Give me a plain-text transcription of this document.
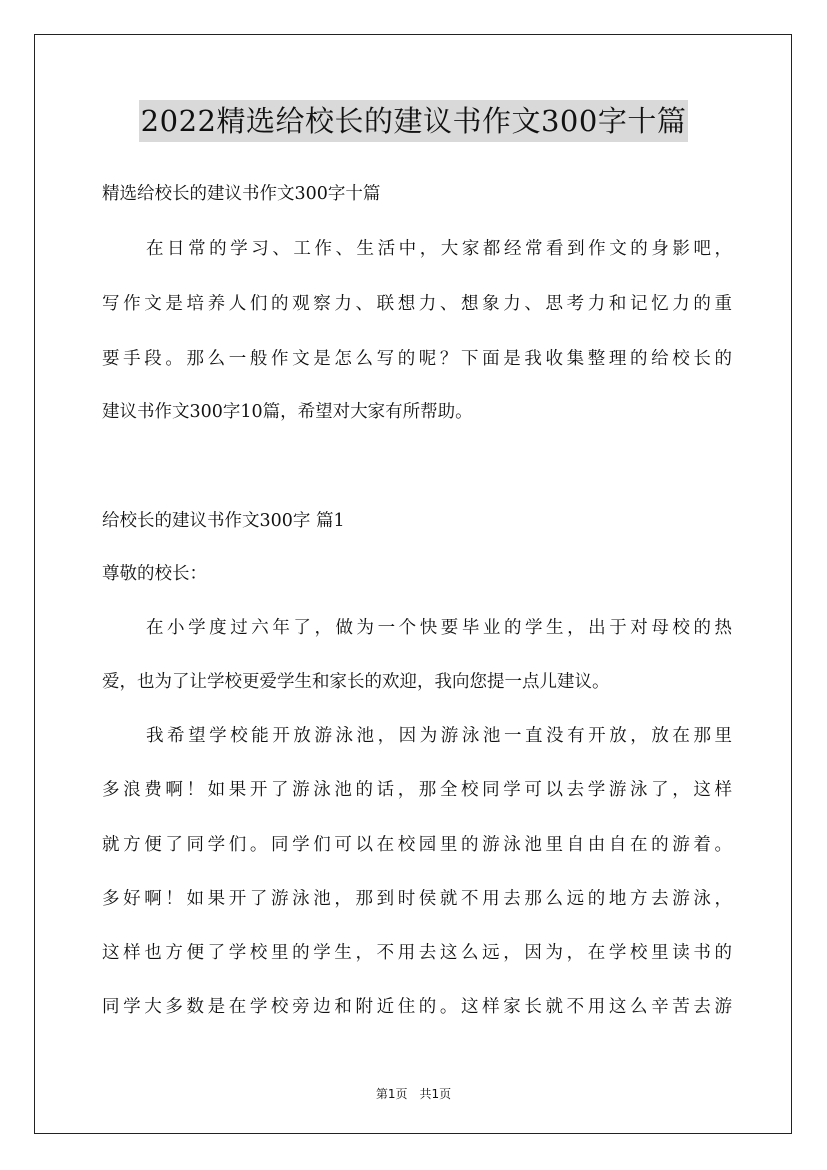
2022精选给校长的建议书作文300字十篇
精选给校长的建议书作文300字十篇
在日常的学习、工作、生活中，大家都经常看到作文的身影吧，
写作文是培养人们的观察力、联想力、想象力、思考力和记忆力的重
要手段。那么一般作文是怎么写的呢？下面是我收集整理的给校长的
建议书作文300字10篇，希望对大家有所帮助。
给校长的建议书作文300字 篇1
尊敬的校长：
在小学度过六年了，做为一个快要毕业的学生，出于对母校的热
爱，也为了让学校更爱学生和家长的欢迎，我向您提一点儿建议。
我希望学校能开放游泳池，因为游泳池一直没有开放，放在那里
多浪费啊！如果开了游泳池的话，那全校同学可以去学游泳了，这样
就方便了同学们。同学们可以在校园里的游泳池里自由自在的游着。
多好啊！如果开了游泳池，那到时侯就不用去那么远的地方去游泳，
这样也方便了学校里的学生，不用去这么远，因为，在学校里读书的
同学大多数是在学校旁边和附近住的。这样家长就不用这么辛苦去游
第1页　共1页
